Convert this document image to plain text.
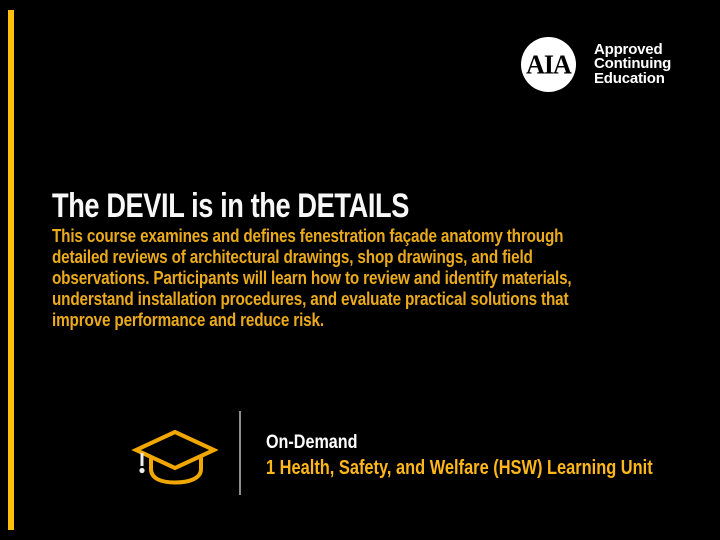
AIA Approved
Continuing
Education
The DEVIL is in the DETAILS
This course examines and defines fenestration façade anatomy through
detailed reviews of architectural drawings, shop drawings, and field
observations. Participants will learn how to review and identify materials,
understand installation procedures, and evaluate practical solutions that
improve performance and reduce risk.
On-Demand
1 Health, Safety, and Welfare (HSW) Learning Unit
